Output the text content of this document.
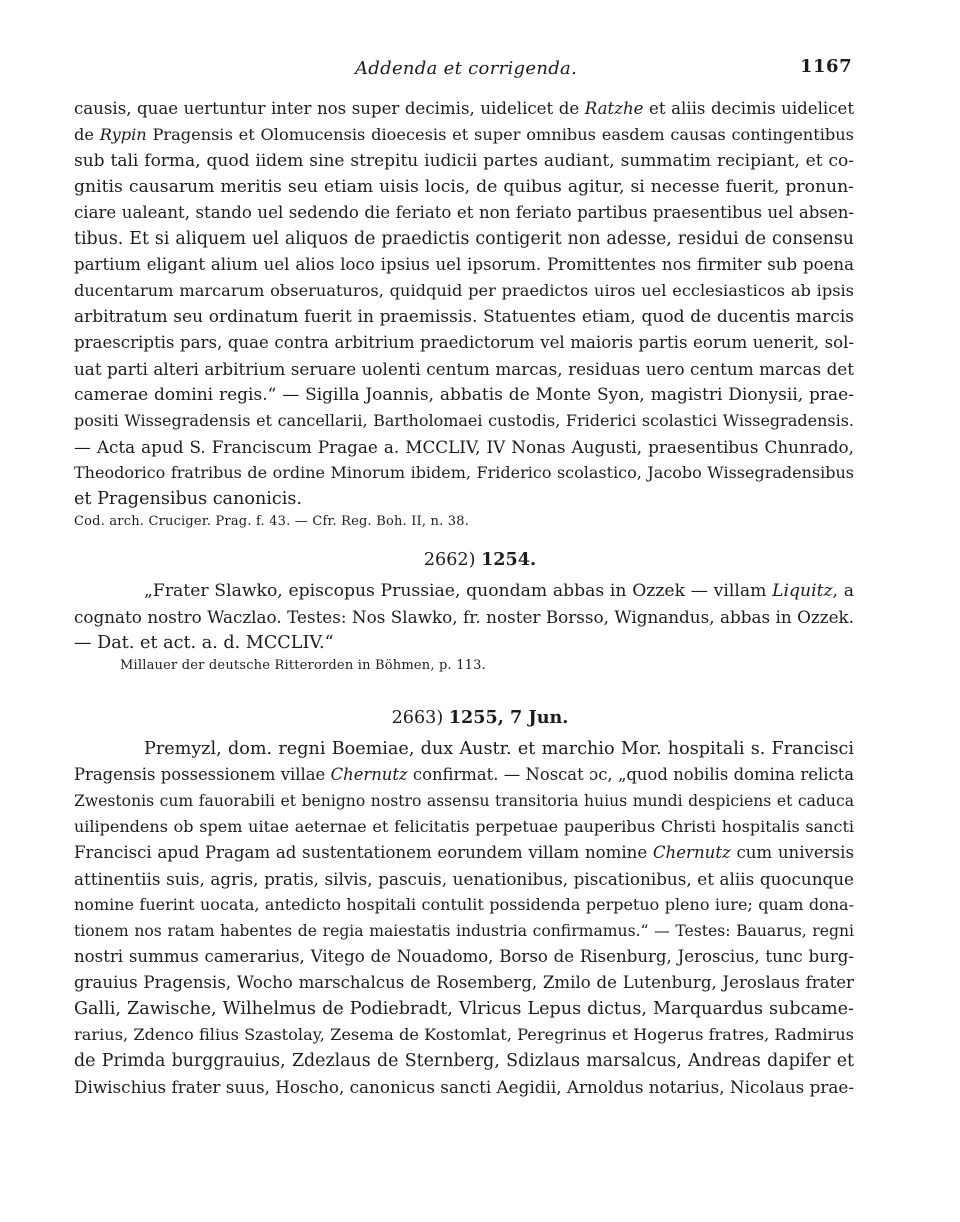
Addenda et corrigenda.	1167
causis, quae uertuntur inter nos super decimis, uidelicet de Ratzhe et aliis decimis uidelicet
de Rypin Pragensis et Olomucensis dioecesis et super omnibus easdem causas contingentibus
sub tali forma, quod iidem sine strepitu iudicii partes audiant, summatim recipiant, et co-
gnitis causarum meritis seu etiam uisis locis, de quibus agitur, si necesse fuerit, pronun-
ciare ualeant, stando uel sedendo die feriato et non feriato partibus praesentibus uel absen-
tibus. Et si aliquem uel aliquos de praedictis contigerit non adesse, residui de consensu
partium eligant alium uel alios loco ipsius uel ipsorum. Promittentes nos firmiter sub poena
ducentarum marcarum obseruaturos, quidquid per praedictos uiros uel ecclesiasticos ab ipsis
arbitratum seu ordinatum fuerit in praemissis. Statuentes etiam, quod de ducentis marcis
praescriptis pars, quae contra arbitrium praedictorum vel maioris partis eorum uenerit, sol-
uat parti alteri arbitrium seruare uolenti centum marcas, residuas uero centum marcas det
camerae domini regis.“ — Sigilla Joannis, abbatis de Monte Syon, magistri Dionysii, prae-
positi Wissegradensis et cancellarii, Bartholomaei custodis, Friderici scolastici Wissegradensis.
— Acta apud S. Franciscum Pragae a. MCCLIV, IV Nonas Augusti, praesentibus Chunrado,
Theodorico fratribus de ordine Minorum ibidem, Friderico scolastico, Jacobo Wissegradensibus
et Pragensibus canonicis.
Cod. arch. Cruciger. Prag. f. 43. — Cfr. Reg. Boh. II, n. 38.
2662) 1254.
„Frater Slawko, episcopus Prussiae, quondam abbas in Ozzek — villam Liquitz, a
cognato nostro Waczlao. Testes: Nos Slawko, fr. noster Borsso, Wignandus, abbas in Ozzek.
— Dat. et act. a. d. MCCLIV.“
Millauer der deutsche Ritterorden in Böhmen, p. 113.
2663) 1255, 7 Jun.
Premyzl, dom. regni Boemiae, dux Austr. et marchio Mor. hospitali s. Francisci
Pragensis possessionem villae Chernutz confirmat. — Noscat ɔc, „quod nobilis domina relicta
Zwestonis cum fauorabili et benigno nostro assensu transitoria huius mundi despiciens et caduca
uilipendens ob spem uitae aeternae et felicitatis perpetuae pauperibus Christi hospitalis sancti
Francisci apud Pragam ad sustentationem eorundem villam nomine Chernutz cum universis
attinentiis suis, agris, pratis, silvis, pascuis, uenationibus, piscationibus, et aliis quocunque
nomine fuerint uocata, antedicto hospitali contulit possidenda perpetuo pleno iure; quam dona-
tionem nos ratam habentes de regia maiestatis industria confirmamus.“ — Testes: Bauarus, regni
nostri summus camerarius, Vitego de Nouadomo, Borso de Risenburg, Jeroscius, tunc burg-
grauius Pragensis, Wocho marschalcus de Rosemberg, Zmilo de Lutenburg, Jeroslaus frater
Galli, Zawische, Wilhelmus de Podiebradt, Vlricus Lepus dictus, Marquardus subcame-
rarius, Zdenco filius Szastolay, Zesema de Kostomlat, Peregrinus et Hogerus fratres, Radmirus
de Primda burggrauius, Zdezlaus de Sternberg, Sdizlaus marsalcus, Andreas dapifer et
Diwischius frater suus, Hoscho, canonicus sancti Aegidii, Arnoldus notarius, Nicolaus prae-
